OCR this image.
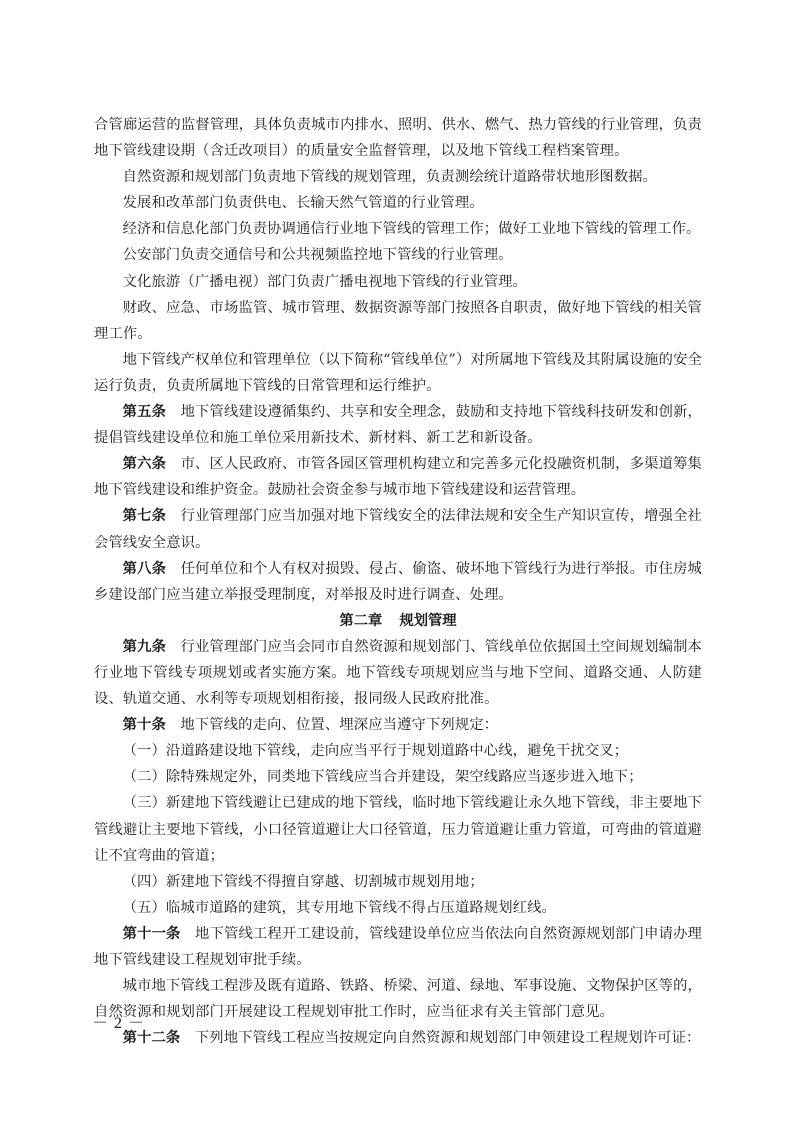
合管廊运营的监督管理，具体负责城市内排水、照明、供水、燃气、热力管线的行业管理，负责地下管线建设期（含迁改项目）的质量安全监督管理，以及地下管线工程档案管理。

自然资源和规划部门负责地下管线的规划管理，负责测绘统计道路带状地形图数据。

发展和改革部门负责供电、长输天然气管道的行业管理。

经济和信息化部门负责协调通信行业地下管线的管理工作；做好工业地下管线的管理工作。

公安部门负责交通信号和公共视频监控地下管线的行业管理。

文化旅游（广播电视）部门负责广播电视地下管线的行业管理。

财政、应急、市场监管、城市管理、数据资源等部门按照各自职责，做好地下管线的相关管理工作。

地下管线产权单位和管理单位（以下简称“管线单位”）对所属地下管线及其附属设施的安全运行负责，负责所属地下管线的日常管理和运行维护。

第五条　 地下管线建设遵循集约、共享和安全理念，鼓励和支持地下管线科技研发和创新，提倡管线建设单位和施工单位采用新技术、新材料、新工艺和新设备。

第六条　 市、区人民政府、市管各园区管理机构建立和完善多元化投融资机制，多渠道筹集地下管线建设和维护资金。鼓励社会资金参与城市地下管线建设和运营管理。

第七条　 行业管理部门应当加强对地下管线安全的法律法规和安全生产知识宣传，增强全社会管线安全意识。

第八条　 任何单位和个人有权对损毁、侵占、偷盗、破坏地下管线行为进行举报。市住房城乡建设部门应当建立举报受理制度，对举报及时进行调查、处理。

第二章 规划管理

第九条　 行业管理部门应当会同市自然资源和规划部门、管线单位依据国土空间规划编制本行业地下管线专项规划或者实施方案。地下管线专项规划应当与地下空间、道路交通、人防建设、轨道交通、水利等专项规划相衔接，报同级人民政府批准。

第十条　 地下管线的走向、位置、埋深应当遵守下列规定：

（一）沿道路建设地下管线，走向应当平行于规划道路中心线，避免干扰交叉；

（二）除特殊规定外，同类地下管线应当合并建设，架空线路应当逐步进入地下；

（三）新建地下管线避让已建成的地下管线，临时地下管线避让永久地下管线，非主要地下管线避让主要地下管线，小口径管道避让大口径管道，压力管道避让重力管道，可弯曲的管道避让不宜弯曲的管道；

（四）新建地下管线不得擅自穿越、切割城市规划用地；

（五）临城市道路的建筑，其专用地下管线不得占压道路规划红线。

第十一条　 地下管线工程开工建设前，管线建设单位应当依法向自然资源规划部门申请办理地下管线建设工程规划审批手续。

城市地下管线工程涉及既有道路、铁路、桥梁、河道、绿地、军事设施、文物保护区等的，自然资源和规划部门开展建设工程规划审批工作时，应当征求有关主管部门意见。

第十二条　 下列地下管线工程应当按规定向自然资源和规划部门申领建设工程规划许可证：

－ 2 －
